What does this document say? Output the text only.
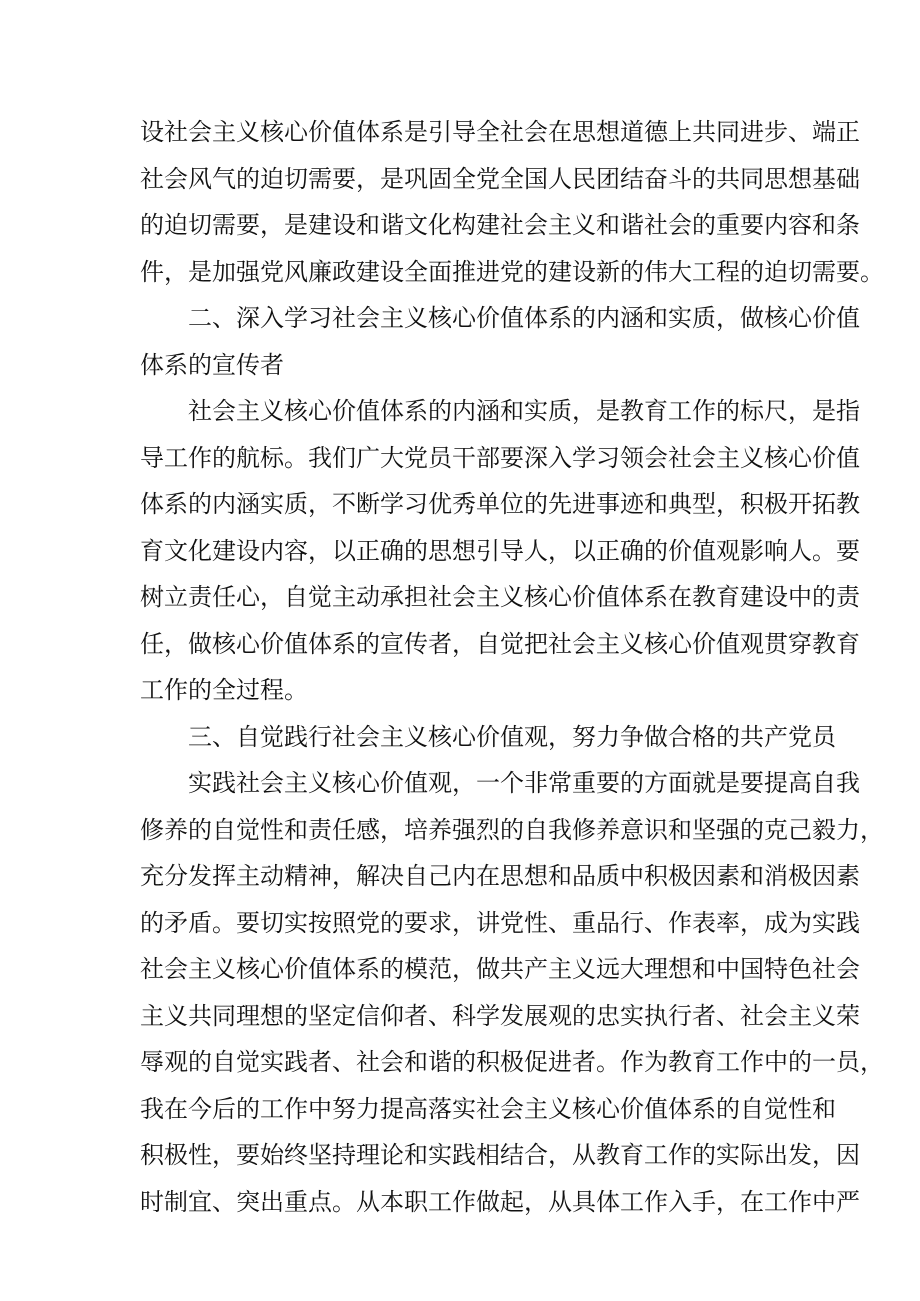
设社会主义核心价值体系是引导全社会在思想道德上共同进步、端正
社会风气的迫切需要，是巩固全党全国人民团结奋斗的共同思想基础
的迫切需要，是建设和谐文化构建社会主义和谐社会的重要内容和条
件，是加强党风廉政建设全面推进党的建设新的伟大工程的迫切需要。
二、深入学习社会主义核心价值体系的内涵和实质，做核心价值
体系的宣传者
社会主义核心价值体系的内涵和实质，是教育工作的标尺，是指
导工作的航标。我们广大党员干部要深入学习领会社会主义核心价值
体系的内涵实质，不断学习优秀单位的先进事迹和典型，积极开拓教
育文化建设内容，以正确的思想引导人，以正确的价值观影响人。要
树立责任心，自觉主动承担社会主义核心价值体系在教育建设中的责
任，做核心价值体系的宣传者，自觉把社会主义核心价值观贯穿教育
工作的全过程。
三、自觉践行社会主义核心价值观，努力争做合格的共产党员
实践社会主义核心价值观，一个非常重要的方面就是要提高自我
修养的自觉性和责任感，培养强烈的自我修养意识和坚强的克己毅力，
充分发挥主动精神，解决自己内在思想和品质中积极因素和消极因素
的矛盾。要切实按照党的要求，讲党性、重品行、作表率，成为实践
社会主义核心价值体系的模范，做共产主义远大理想和中国特色社会
主义共同理想的坚定信仰者、科学发展观的忠实执行者、社会主义荣
辱观的自觉实践者、社会和谐的积极促进者。作为教育工作中的一员，
我在今后的工作中努力提高落实社会主义核心价值体系的自觉性和
积极性，要始终坚持理论和实践相结合，从教育工作的实际出发，因
时制宜、突出重点。从本职工作做起，从具体工作入手，在工作中严
